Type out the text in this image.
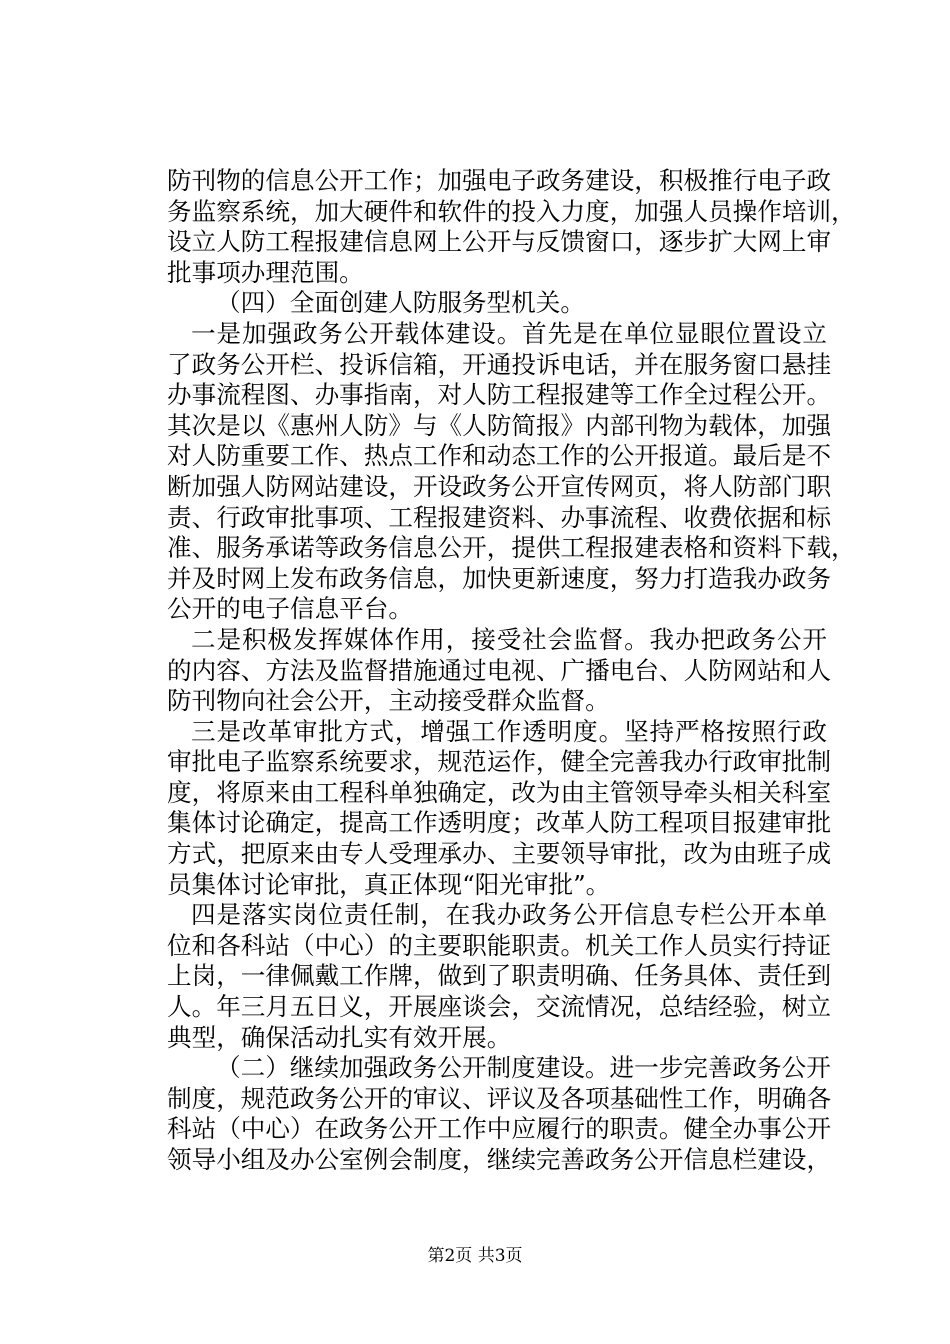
防刊物的信息公开工作；加强电子政务建设，积极推行电子政
务监察系统，加大硬件和软件的投入力度，加强人员操作培训，
设立人防工程报建信息网上公开与反馈窗口，逐步扩大网上审
批事项办理范围。
（四）全面创建人防服务型机关。
一是加强政务公开载体建设。首先是在单位显眼位置设立
了政务公开栏、投诉信箱，开通投诉电话，并在服务窗口悬挂
办事流程图、办事指南，对人防工程报建等工作全过程公开。
其次是以《惠州人防》与《人防简报》内部刊物为载体，加强
对人防重要工作、热点工作和动态工作的公开报道。最后是不
断加强人防网站建设，开设政务公开宣传网页，将人防部门职
责、行政审批事项、工程报建资料、办事流程、收费依据和标
准、服务承诺等政务信息公开，提供工程报建表格和资料下载，
并及时网上发布政务信息，加快更新速度，努力打造我办政务
公开的电子信息平台。
二是积极发挥媒体作用，接受社会监督。我办把政务公开
的内容、方法及监督措施通过电视、广播电台、人防网站和人
防刊物向社会公开，主动接受群众监督。
三是改革审批方式，增强工作透明度。坚持严格按照行政
审批电子监察系统要求，规范运作，健全完善我办行政审批制
度，将原来由工程科单独确定，改为由主管领导牵头相关科室
集体讨论确定，提高工作透明度；改革人防工程项目报建审批
方式，把原来由专人受理承办、主要领导审批，改为由班子成
员集体讨论审批，真正体现“阳光审批”。
四是落实岗位责任制，在我办政务公开信息专栏公开本单
位和各科站（中心）的主要职能职责。机关工作人员实行持证
上岗，一律佩戴工作牌，做到了职责明确、任务具体、责任到
人。年三月五日义，开展座谈会，交流情况，总结经验，树立
典型，确保活动扎实有效开展。
（二）继续加强政务公开制度建设。进一步完善政务公开
制度，规范政务公开的审议、评议及各项基础性工作，明确各
科站（中心）在政务公开工作中应履行的职责。健全办事公开
领导小组及办公室例会制度，继续完善政务公开信息栏建设，
第2页 共3页
